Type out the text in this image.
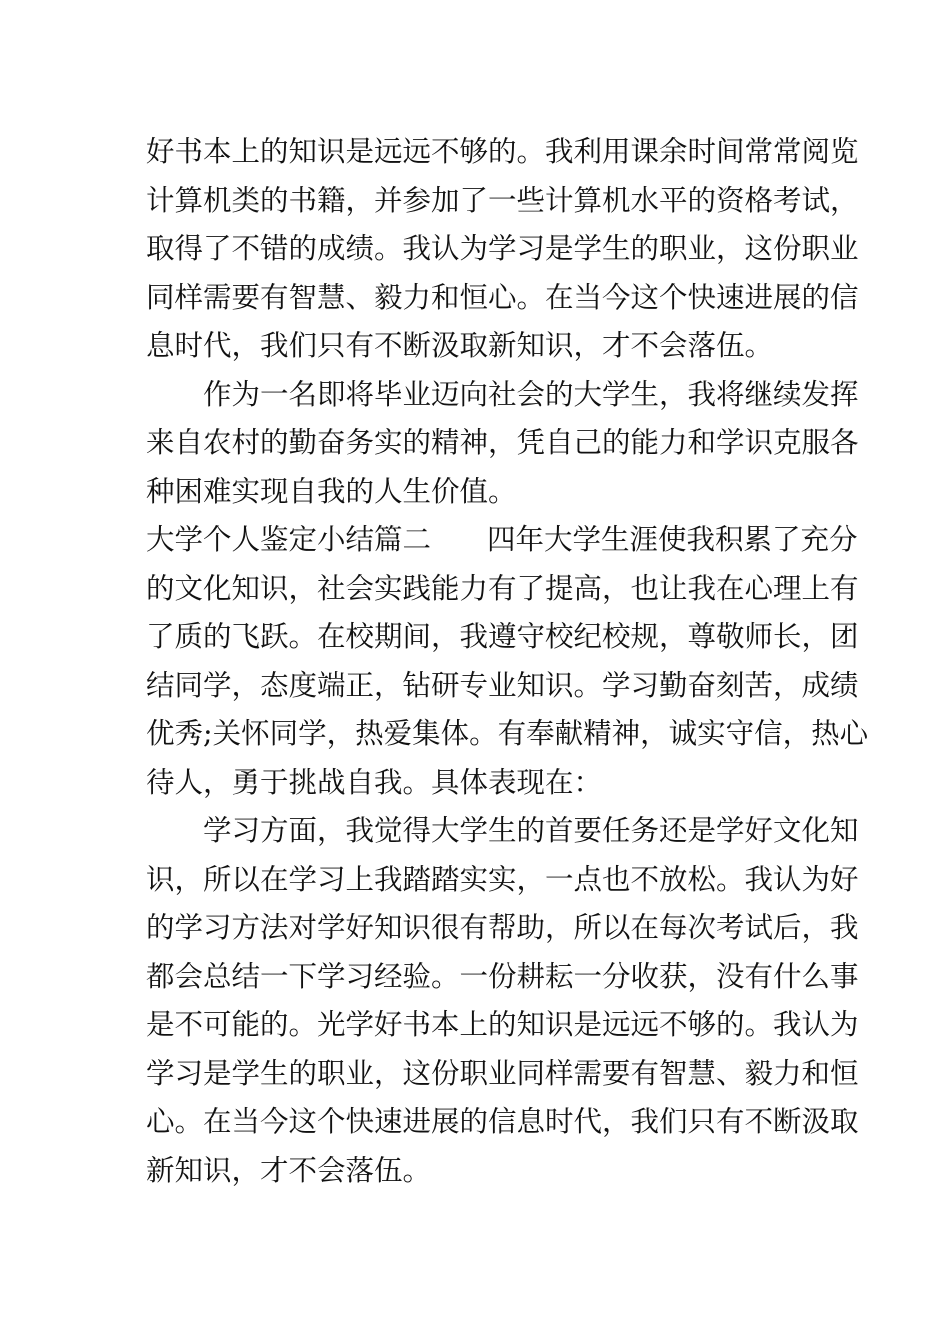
好书本上的知识是远远不够的。我利用课余时间常常阅览
计算机类的书籍，并参加了一些计算机水平的资格考试，
取得了不错的成绩。我认为学习是学生的职业，这份职业
同样需要有智慧、毅力和恒心。在当今这个快速进展的信
息时代，我们只有不断汲取新知识，才不会落伍。
作为一名即将毕业迈向社会的大学生，我将继续发挥
来自农村的勤奋务实的精神，凭自己的能力和学识克服各
种困难实现自我的人生价值。
大学个人鉴定小结篇二 四年大学生涯使我积累了充分
的文化知识，社会实践能力有了提高，也让我在心理上有
了质的飞跃。在校期间，我遵守校纪校规，尊敬师长，团
结同学，态度端正，钻研专业知识。学习勤奋刻苦，成绩
优秀;关怀同学，热爱集体。有奉献精神，诚实守信，热心
待人，勇于挑战自我。具体表现在：
学习方面，我觉得大学生的首要任务还是学好文化知
识，所以在学习上我踏踏实实，一点也不放松。我认为好
的学习方法对学好知识很有帮助，所以在每次考试后，我
都会总结一下学习经验。一份耕耘一分收获，没有什么事
是不可能的。光学好书本上的知识是远远不够的。我认为
学习是学生的职业，这份职业同样需要有智慧、毅力和恒
心。在当今这个快速进展的信息时代，我们只有不断汲取
新知识，才不会落伍。
